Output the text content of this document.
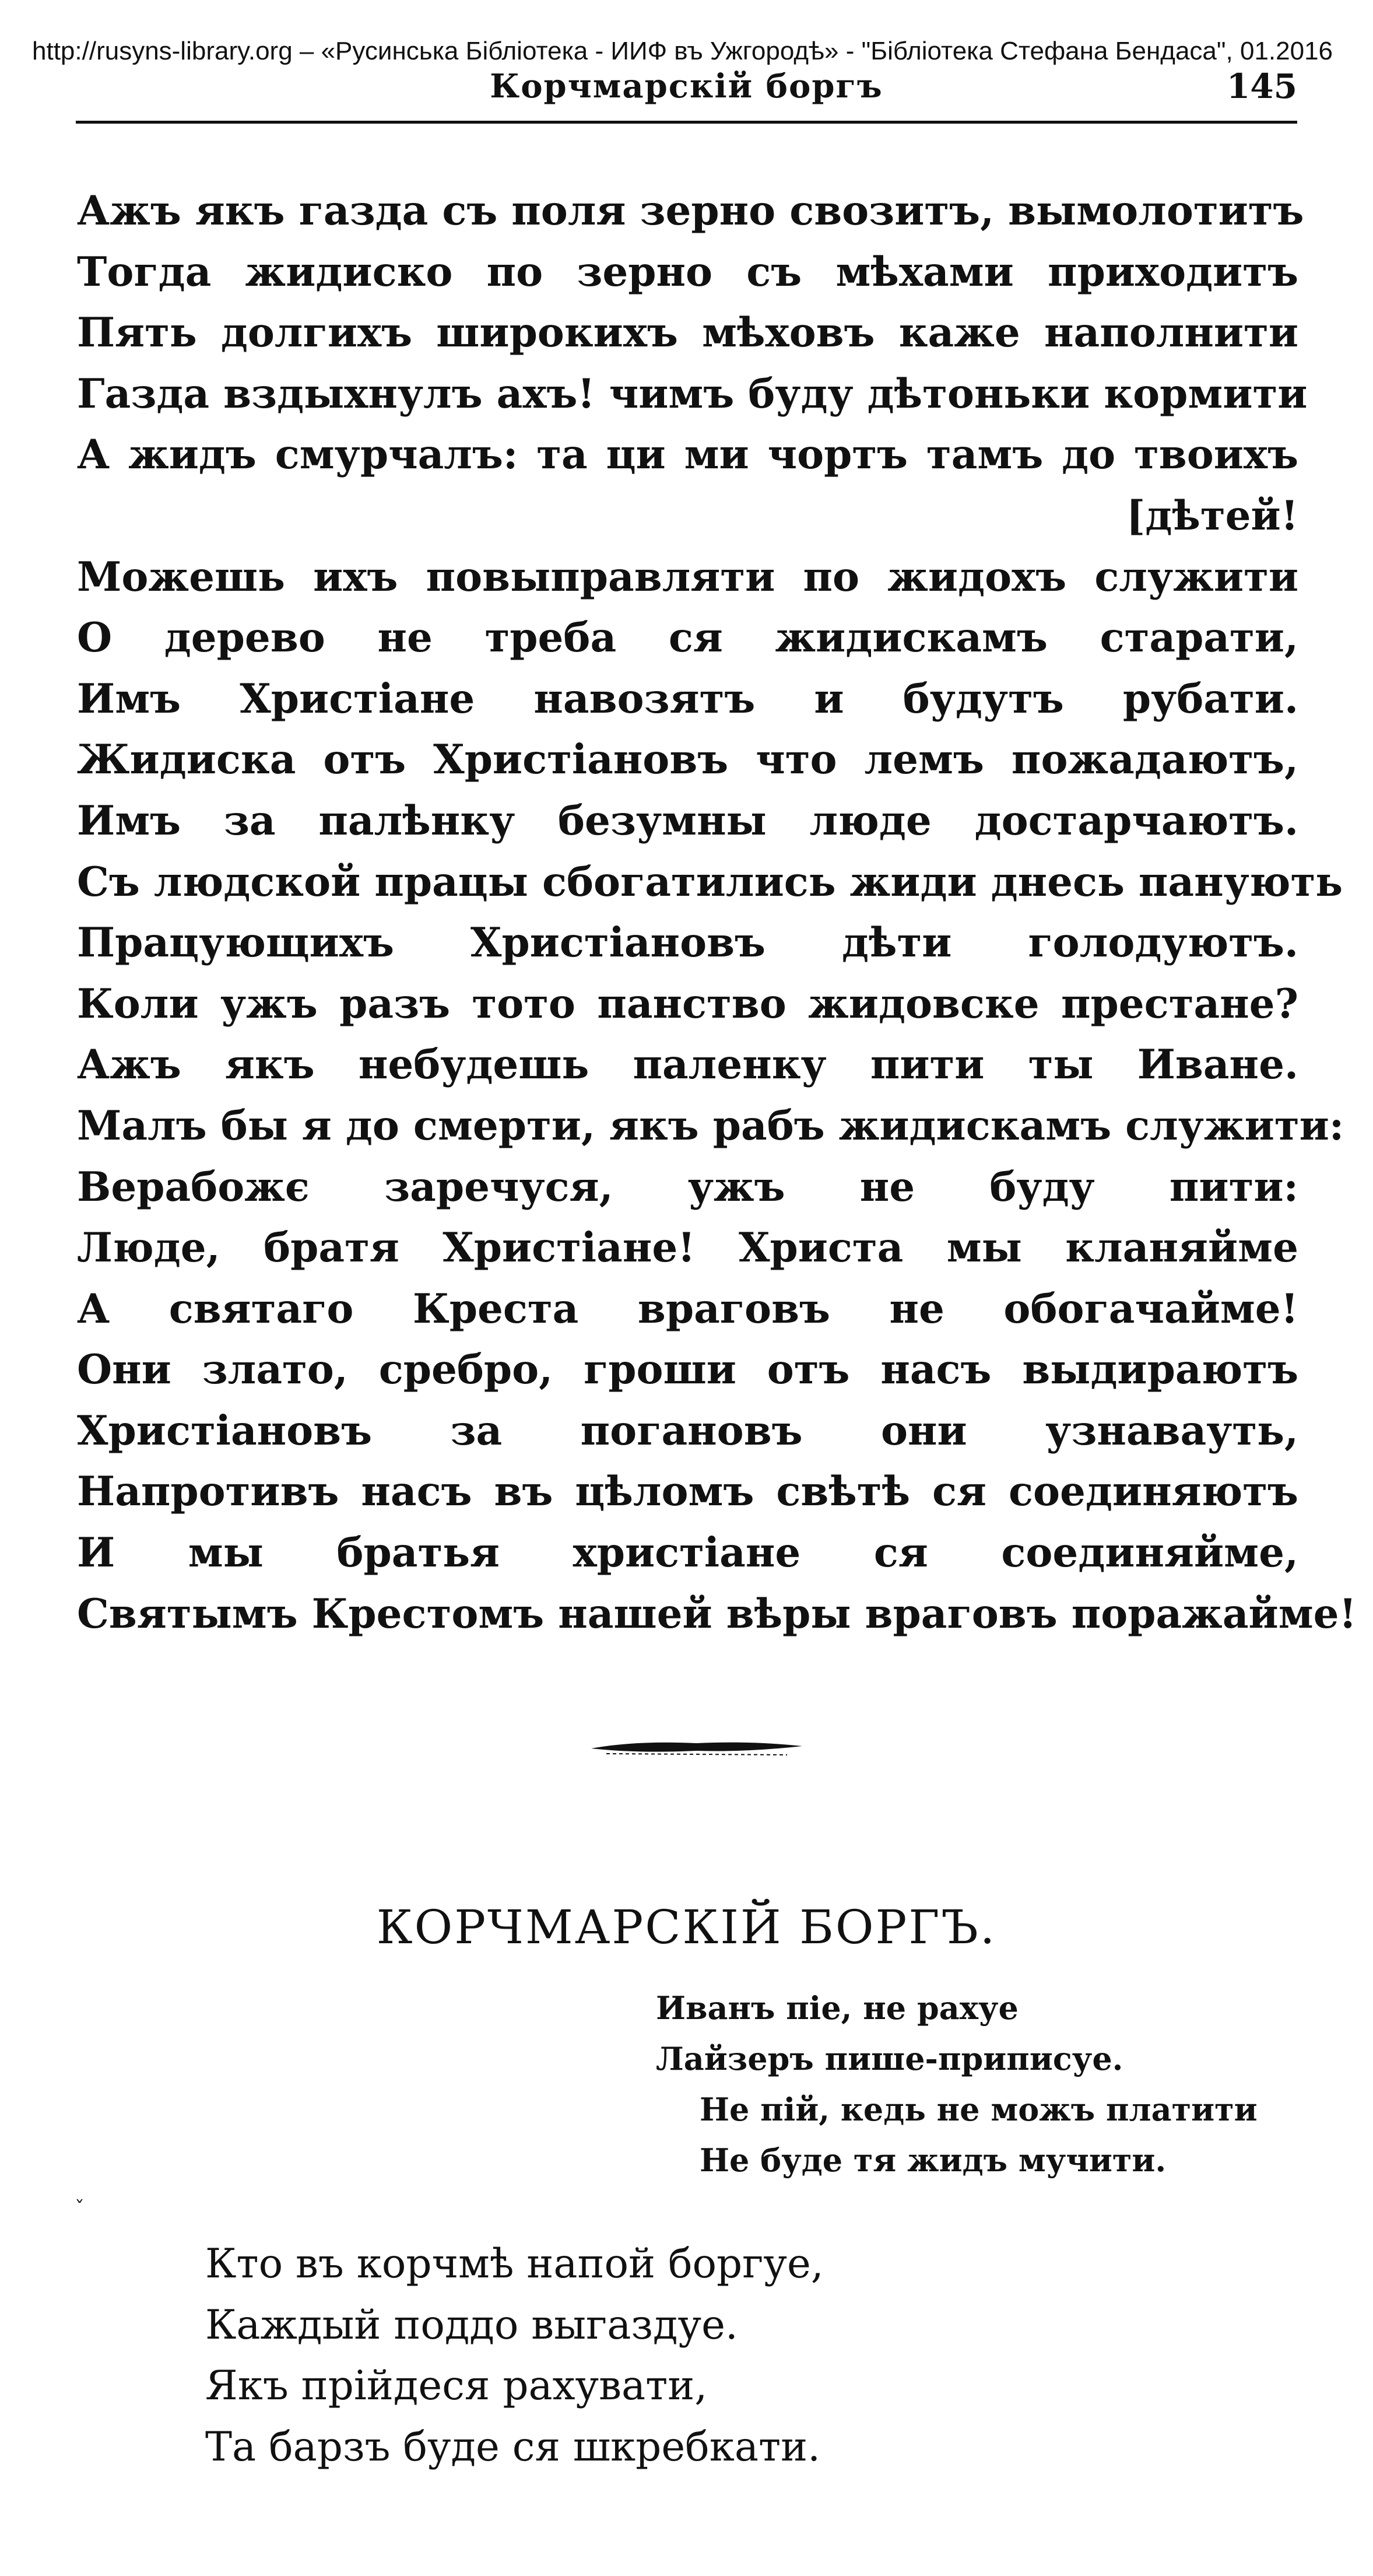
http://rusyns-library.org – «Русинська Бібліотека - ИИФ въ Ужгородѣ» - "Бібліотека Стефана Бендаса", 01.2016
Корчмарскій боргъ	145
Ажъ якъ газда съ поля зерно свозитъ, вымолотитъ
Тогда жидиско по зерно съ мѣхами приходитъ
Пять долгихъ широкихъ мѣховъ каже наполнити
Газда вздыхнулъ ахъ! чимъ буду дѣтоньки кормити
А жидъ смурчалъ: та ци ми чортъ тамъ до твоихъ
[дѣтей!
Можешь ихъ повыправляти по жидохъ служити
О дерево не треба ся жидискамъ старати,
Имъ Христіане навозятъ и будутъ рубати.
Жидиска отъ Христіановъ что лемъ пожадаютъ,
Имъ за палѣнку безумны люде достарчаютъ.
Съ людской працы сбогатились жиди днесь панують
Працующихъ Христіановъ дѣти голодуютъ.
Коли ужъ разъ тото панство жидовске престане?
Ажъ якъ небудешь паленку пити ты Иване.
Малъ бы я до смерти, якъ рабъ жидискамъ служити:
Верабожє заречуся, ужъ не буду пити:
Люде, братя Христіане! Христа мы кланяйме
А святаго Креста враговъ не обогачайме!
Они злато, сребро, гроши отъ насъ выдираютъ
Христіановъ за погановъ они узнавауть,
Напротивъ насъ въ цѣломъ свѣтѣ ся соединяютъ
И мы братья христіане ся соединяйме,
Святымъ Крестомъ нашей вѣры враговъ поражайме!
КОРЧМАРСКІЙ БОРГЪ.
Иванъ піе, не рахуе
Лайзеръ пише-приписуе.
Не пій, кедь не можъ платити
Не буде тя жидъ мучити.
ˇ
Кто въ корчмѣ напой боргуе,
Каждый поддо выгаздуе.
Якъ прійдеся рахувати,
Та барзъ буде ся шкребкати.
